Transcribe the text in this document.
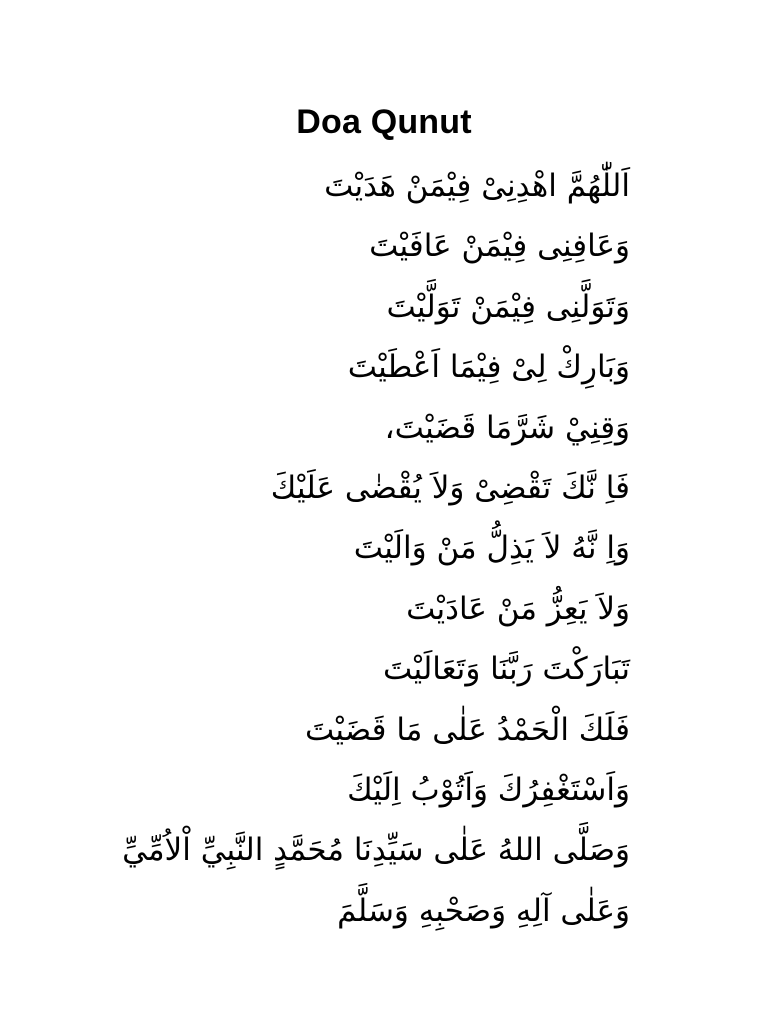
Doa Qunut
اَللّٰهُمَّ اهْدِنِىْ فِيْمَنْ هَدَيْتَ
وَعَافِنِى فِيْمَنْ عَافَيْتَ
وَتَوَلَّنِى فِيْمَنْ تَوَلَّيْتَ
وَبَارِكْ لِىْ فِيْمَا اَعْطَيْتَ
وَقِنِيْ شَرَّمَا قَضَيْتَ،
فَاِ نَّكَ تَقْضِىْ وَلاَ يُقْضٰى عَلَيْكَ
وَاِ نَّهُ لاَ يَذِلُّ مَنْ وَالَيْتَ
وَلاَ يَعِزُّ مَنْ عَادَيْتَ
تَبَارَكْتَ رَبَّنَا وَتَعَالَيْتَ
فَلَكَ الْحَمْدُ عَلٰى مَا قَضَيْتَ
وَاَسْتَغْفِرُكَ وَاَتُوْبُ اِلَيْكَ
وَصَلَّى اللهُ عَلٰى سَيِّدِنَا مُحَمَّدٍ النَّبِيِّ اْلاُمِّيِّ
وَعَلٰى آلِهِ وَصَحْبِهِ وَسَلَّمَ
